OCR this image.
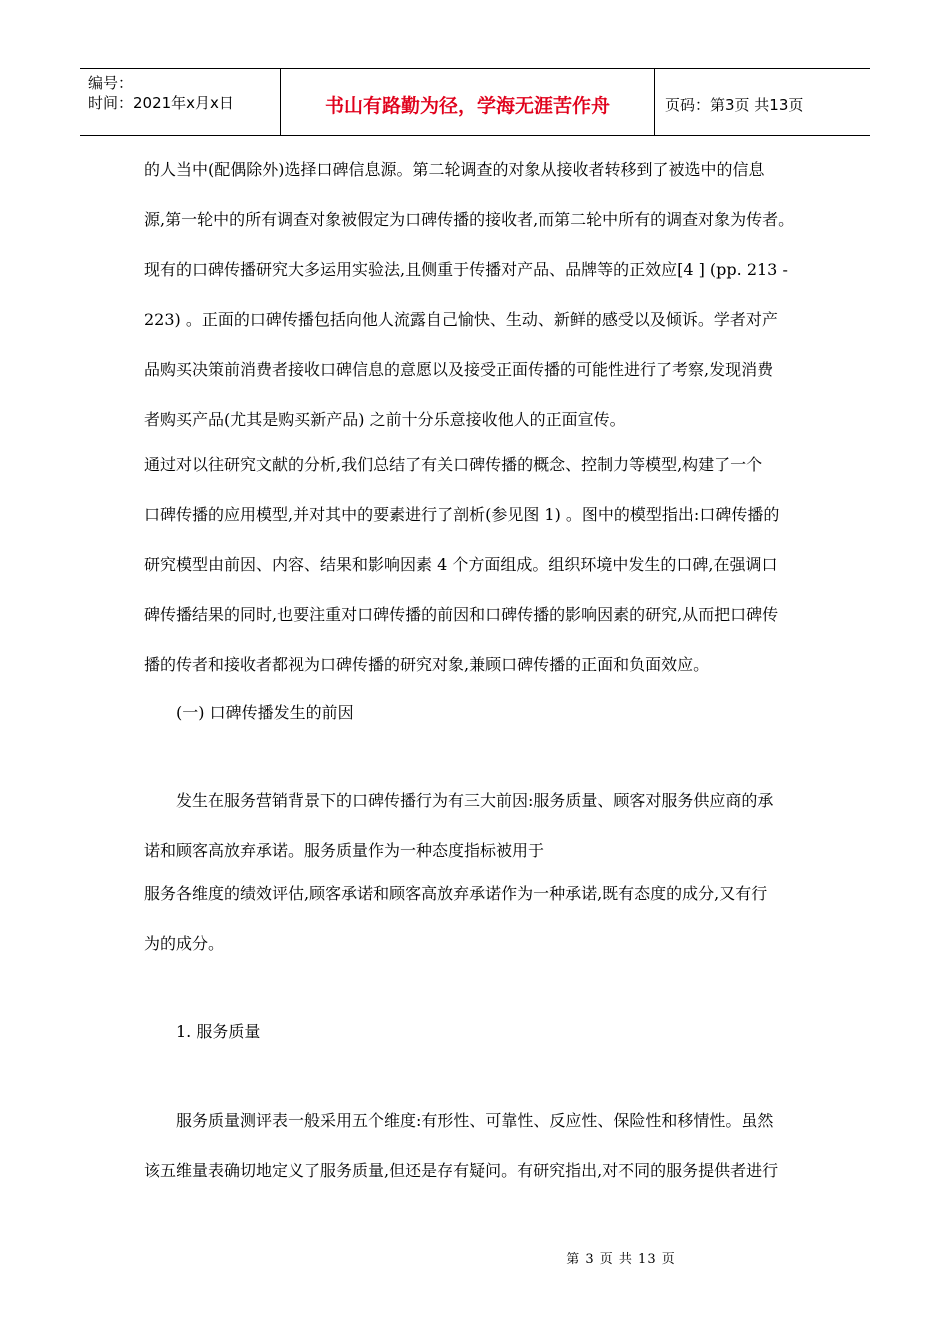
编号：
时间：2021年x月x日	书山有路勤为径，学海无涯苦作舟	页码：第3页 共13页
的人当中(配偶除外)选择口碑信息源。第二轮调查的对象从接收者转移到了被选中的信息
源,第一轮中的所有调查对象被假定为口碑传播的接收者,而第二轮中所有的调查对象为传者。
现有的口碑传播研究大多运用实验法,且侧重于传播对产品、品牌等的正效应[4 ] (pp. 213 -
223) 。正面的口碑传播包括向他人流露自己愉快、生动、新鲜的感受以及倾诉。学者对产
品购买决策前消费者接收口碑信息的意愿以及接受正面传播的可能性进行了考察,发现消费
者购买产品(尤其是购买新产品) 之前十分乐意接收他人的正面宣传。
通过对以往研究文献的分析,我们总结了有关口碑传播的概念、控制力等模型,构建了一个
口碑传播的应用模型,并对其中的要素进行了剖析(参见图 1) 。图中的模型指出:口碑传播的
研究模型由前因、内容、结果和影响因素 4 个方面组成。组织环境中发生的口碑,在强调口
碑传播结果的同时,也要注重对口碑传播的前因和口碑传播的影响因素的研究,从而把口碑传
播的传者和接收者都视为口碑传播的研究对象,兼顾口碑传播的正面和负面效应。
(一) 口碑传播发生的前因
发生在服务营销背景下的口碑传播行为有三大前因:服务质量、顾客对服务供应商的承
诺和顾客高放弃承诺。服务质量作为一种态度指标被用于
服务各维度的绩效评估,顾客承诺和顾客高放弃承诺作为一种承诺,既有态度的成分,又有行
为的成分。
1. 服务质量
服务质量测评表一般采用五个维度:有形性、可靠性、反应性、保险性和移情性。虽然
该五维量表确切地定义了服务质量,但还是存有疑问。有研究指出,对不同的服务提供者进行
第 3 页 共 13 页
